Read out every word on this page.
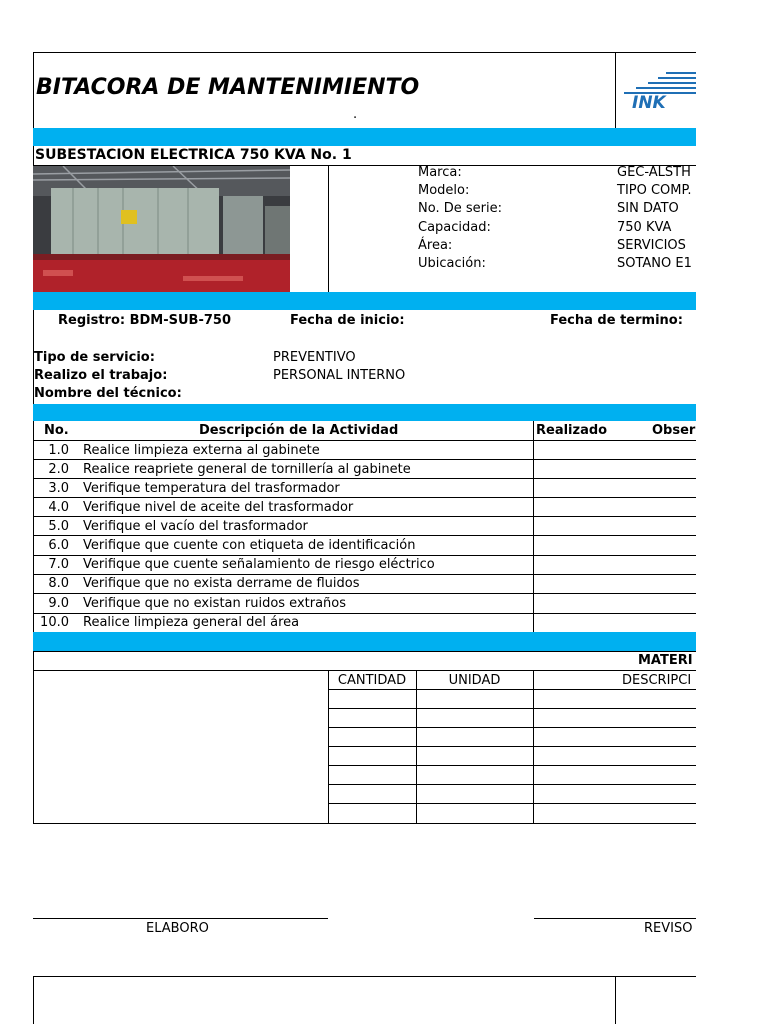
BITACORA DE MANTENIMIENTO
.
INK
SUBESTACION ELECTRICA 750 KVA No. 1
Marca:	GEC-ALSTH
Modelo:	TIPO COMP.
No. De serie:	SIN DATO
Capacidad:	750 KVA
Área:	SERVICIOS
Ubicación:	SOTANO E1
Registro: BDM-SUB-750	Fecha de inicio:	Fecha de termino:
Tipo de servicio:	PREVENTIVO
Realizo el trabajo:	PERSONAL INTERNO
Nombre del técnico:
No.	Descripción de la Actividad	Realizado	Obser
1.0 Realice limpieza externa al gabinete
2.0 Realice reapriete general de tornillería al gabinete
3.0 Verifique temperatura del trasformador
4.0 Verifique nivel de aceite del trasformador
5.0 Verifique el vacío del trasformador
6.0 Verifique que cuente con etiqueta de identificación
7.0 Verifique que cuente señalamiento de riesgo eléctrico
8.0 Verifique que no exista derrame de fluidos
9.0 Verifique que no existan ruidos extraños
10.0 Realice limpieza general del área
MATERI
CANTIDAD	UNIDAD	DESCRIPCI
ELABORO	REVISO
